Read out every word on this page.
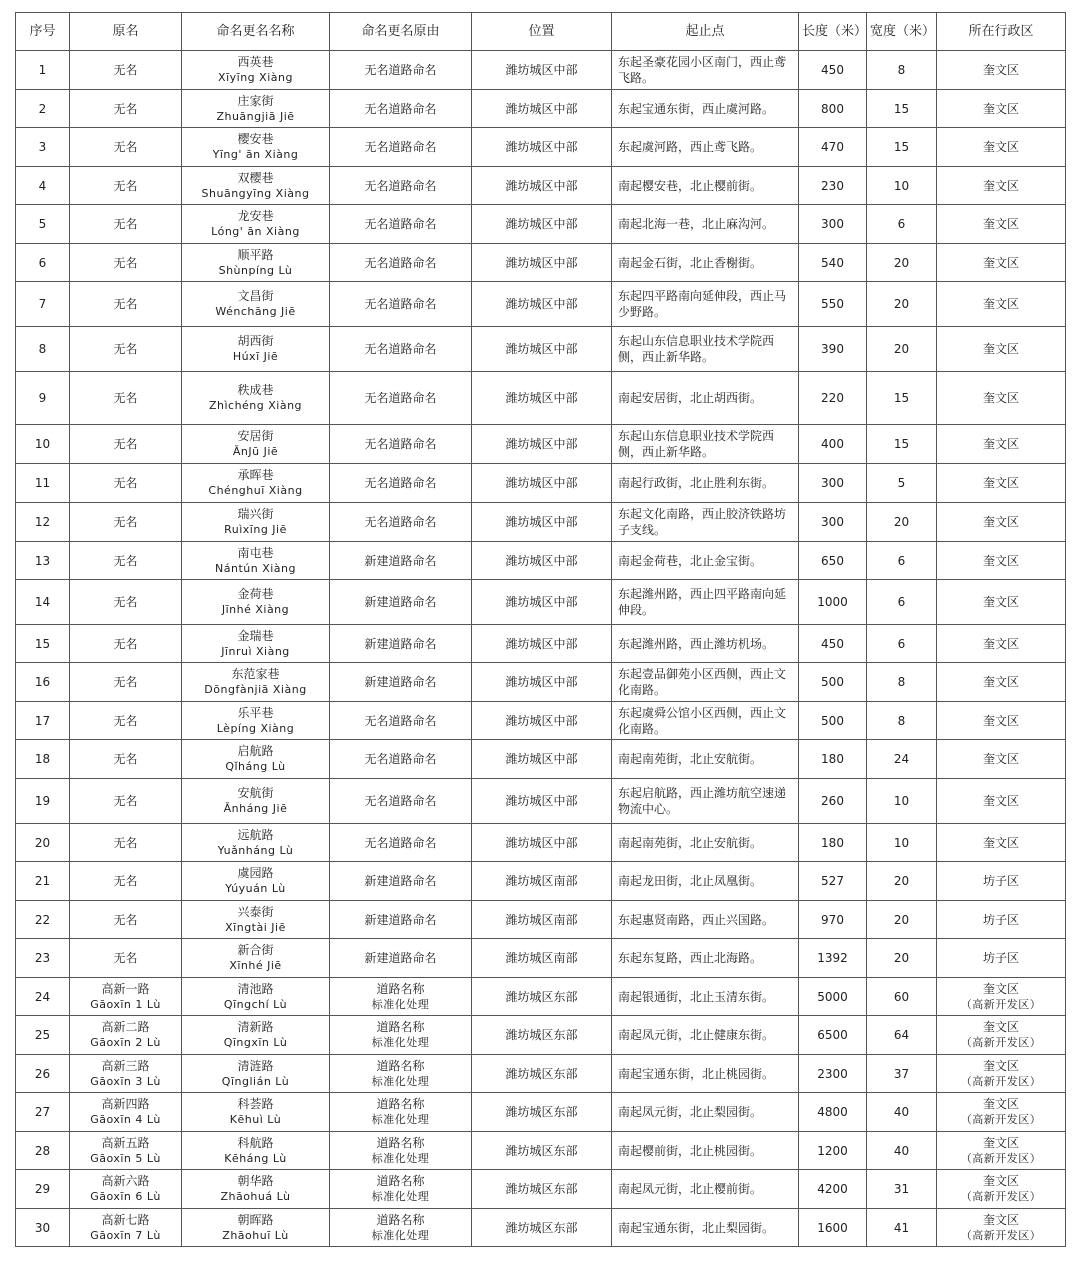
序号	原名	命名更名名称	命名更名原由	位置	起止点	长度（米）	宽度（米）	所在行政区

1	无名	西英巷
Xīyīng Xiàng	无名道路命名	潍坊城区中部	东起圣豪花园小区南门，西止鸢飞路。	450	8	奎文区

2	无名	庄家街
Zhuāngjiā Jiē	无名道路命名	潍坊城区中部	东起宝通东街，西止虞河路。	800	15	奎文区

3	无名	樱安巷
Yīng' ān Xiàng	无名道路命名	潍坊城区中部	东起虞河路，西止鸢飞路。	470	15	奎文区

4	无名	双樱巷
Shuāngyīng Xiàng	无名道路命名	潍坊城区中部	南起樱安巷，北止樱前街。	230	10	奎文区

5	无名	龙安巷
Lóng' ān Xiàng	无名道路命名	潍坊城区中部	南起北海一巷，北止麻沟河。	300	6	奎文区

6	无名	顺平路
Shùnpíng Lù	无名道路命名	潍坊城区中部	南起金石街，北止香榭街。	540	20	奎文区

7	无名	文昌街
Wénchāng Jiē	无名道路命名	潍坊城区中部	东起四平路南向延伸段，西止马少野路。	550	20	奎文区

8	无名	胡西街
Húxī Jiē	无名道路命名	潍坊城区中部	东起山东信息职业技术学院西侧，西止新华路。	390	20	奎文区

9	无名	秩成巷
Zhìchéng Xiàng	无名道路命名	潍坊城区中部	南起安居街，北止胡西街。	220	15	奎文区

10	无名	安居街
ĀnJū Jiē	无名道路命名	潍坊城区中部	东起山东信息职业技术学院西侧，西止新华路。	400	15	奎文区

11	无名	承晖巷
Chénghuī Xiàng	无名道路命名	潍坊城区中部	南起行政街，北止胜利东街。	300	5	奎文区

12	无名	瑞兴街
Ruìxīng Jiē	无名道路命名	潍坊城区中部	东起文化南路，西止胶济铁路坊子支线。	300	20	奎文区

13	无名	南屯巷
Nántún Xiàng	新建道路命名	潍坊城区中部	南起金荷巷，北止金宝街。	650	6	奎文区

14	无名	金荷巷
Jīnhé Xiàng	新建道路命名	潍坊城区中部	东起潍州路，西止四平路南向延伸段。	1000	6	奎文区

15	无名	金瑞巷
Jīnruì Xiàng	新建道路命名	潍坊城区中部	东起潍州路，西止潍坊机场。	450	6	奎文区

16	无名	东范家巷
Dōngfànjiā Xiàng	新建道路命名	潍坊城区中部	东起壹品御苑小区西侧，西止文化南路。	500	8	奎文区

17	无名	乐平巷
Lèpíng Xiàng	无名道路命名	潍坊城区中部	东起虞舜公馆小区西侧，西止文化南路。	500	8	奎文区

18	无名	启航路
Qǐháng Lù	无名道路命名	潍坊城区中部	南起南苑街，北止安航街。	180	24	奎文区

19	无名	安航街
Ānháng Jiē	无名道路命名	潍坊城区中部	东起启航路，西止潍坊航空速递物流中心。	260	10	奎文区

20	无名	远航路
Yuǎnháng Lù	无名道路命名	潍坊城区中部	南起南苑街，北止安航街。	180	10	奎文区

21	无名	虞园路
Yúyuán Lù	新建道路命名	潍坊城区南部	南起龙田街，北止凤凰街。	527	20	坊子区

22	无名	兴泰街
Xīngtài Jiē	新建道路命名	潍坊城区南部	东起惠贤南路，西止兴国路。	970	20	坊子区

23	无名	新合街
Xīnhé Jiē	新建道路命名	潍坊城区南部	东起东复路，西止北海路。	1392	20	坊子区

24	高新一路
Gāoxīn 1 Lù	清池路
Qīngchí Lù	道路名称
标准化处理	潍坊城区东部	南起银通街，北止玉清东街。	5000	60	奎文区
（高新开发区）

25	高新二路
Gāoxīn 2 Lù	清新路
Qīngxīn Lù	道路名称
标准化处理	潍坊城区东部	南起凤元街，北止健康东街。	6500	64	奎文区
（高新开发区）

26	高新三路
Gāoxīn 3 Lù	清涟路
Qīnglián Lù	道路名称
标准化处理	潍坊城区东部	南起宝通东街，北止桃园街。	2300	37	奎文区
（高新开发区）

27	高新四路
Gāoxīn 4 Lù	科荟路
Kēhuì Lù	道路名称
标准化处理	潍坊城区东部	南起凤元街，北止梨园街。	4800	40	奎文区
（高新开发区）

28	高新五路
Gāoxīn 5 Lù	科航路
Kēháng Lù	道路名称
标准化处理	潍坊城区东部	南起樱前街，北止桃园街。	1200	40	奎文区
（高新开发区）

29	高新六路
Gāoxīn 6 Lù	朝华路
Zhāohuá Lù	道路名称
标准化处理	潍坊城区东部	南起凤元街，北止樱前街。	4200	31	奎文区
（高新开发区）

30	高新七路
Gāoxīn 7 Lù	朝晖路
Zhāohuī Lù	道路名称
标准化处理	潍坊城区东部	南起宝通东街，北止梨园街。	1600	41	奎文区
（高新开发区）
